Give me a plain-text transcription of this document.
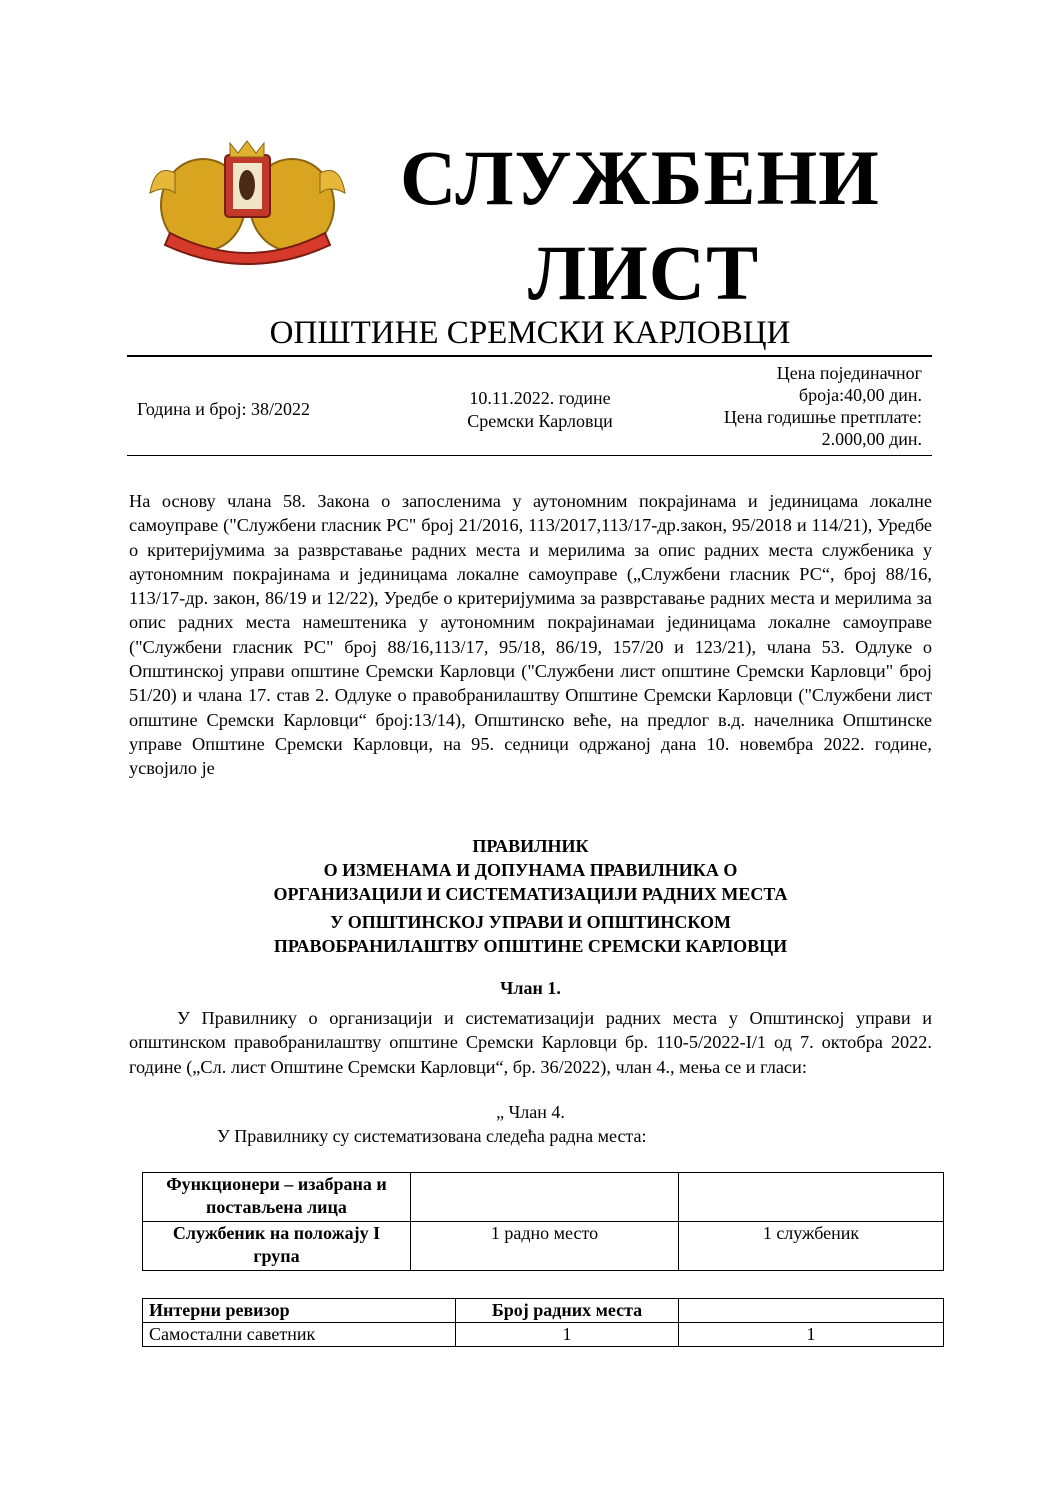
СЛУЖБЕНИ
ЛИСТ
ОПШТИНЕ СРЕМСКИ КАРЛОВЦИ
Година и број: 38/2022
10.11.2022. године
Сремски Карловци
Цена појединачног
броја:40,00 дин.
Цена годишње претплате:
2.000,00 дин.

На основу члана 58. Закона о запосленима у аутономним покрајинама и јединицама локалне самоуправе ("Службени гласник РС" број 21/2016, 113/2017,113/17-др.закон, 95/2018 и 114/21), Уредбе о критеријумима за разврставање радних места и мерилима за опис радних места службеника у аутономним покрајинама и јединицама локалне самоуправе („Службени гласник РС“, број 88/16, 113/17-др. закон, 86/19 и 12/22), Уредбе о критеријумима за разврставање радних места и мерилима за опис радних места намештеника у аутономним покрајинамаи јединицама локалне самоуправе ("Службени гласник РС" број 88/16,113/17, 95/18, 86/19, 157/20 и 123/21), члана 53. Одлуке о Општинској управи општине Сремски Карловци ("Службени лист општине Сремски Карловци" број 51/20) и члана 17. став 2. Одлуке о правобранилаштву Општине Сремски Карловци ("Службени лист општине Сремски Карловци“ број:13/14), Општинско веће, на предлог в.д. начелника Општинске управе Општине Сремски Карловци, на 95. седници одржаној дана 10. новембра 2022. године, усвојило је

ПРАВИЛНИК
О ИЗМЕНАМА И ДОПУНАМА ПРАВИЛНИКА О
ОРГАНИЗАЦИЈИ И СИСТЕМАТИЗАЦИЈИ РАДНИХ МЕСТА
У ОПШТИНСКОЈ УПРАВИ И ОПШТИНСКОМ
ПРАВОБРАНИЛАШТВУ ОПШТИНЕ СРЕМСКИ КАРЛОВЦИ
Члан 1.
У Правилнику о организацији и систематизацији радних места у Општинској управи и општинском правобранилаштву општине Сремски Карловци бр. 110-5/2022-I/1 од 7. октобра 2022. године („Сл. лист Општине Сремски Карловци“, бр. 36/2022), члан 4., мења се и гласи:
„ Члан 4.
У Правилнику су систематизована следећа радна места:
Функционери – изабрана и постављена лица		
Службеник на положају I група	1 радно место	1 службеник
Интерни ревизор	Број радних места	
Самостални саветник	1	1
